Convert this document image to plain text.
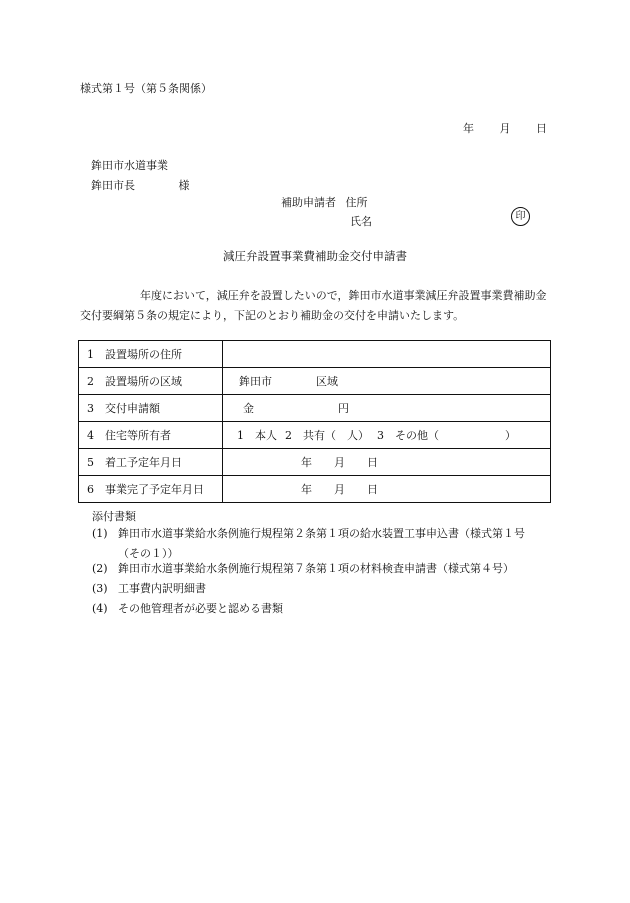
様式第１号（第５条関係）
年 月 日
鉾田市水道事業
鉾田市長	様
補助申請者 住所
氏名	印
減圧弁設置事業費補助金交付申請書
年度において，減圧弁を設置したいので，鉾田市水道事業減圧弁設置事業費補助金交付要綱第５条の規定により，下記のとおり補助金の交付を申請いたします。
1 設置場所の住所	
2 設置場所の区域	鉾田市 区域
3 交付申請額	金 円
4 住宅等所有者	1　本人 2　共有（　人） 3　その他（　　　　　　）
5 着工予定年月日	年 月 日
6 事業完了予定年月日	年 月 日
添付書類
(1) 鉾田市水道事業給水条例施行規程第２条第１項の給水装置工事申込書（様式第１号
（その１））
(2) 鉾田市水道事業給水条例施行規程第７条第１項の材料検査申請書（様式第４号）
(3) 工事費内訳明細書
(4) その他管理者が必要と認める書類
